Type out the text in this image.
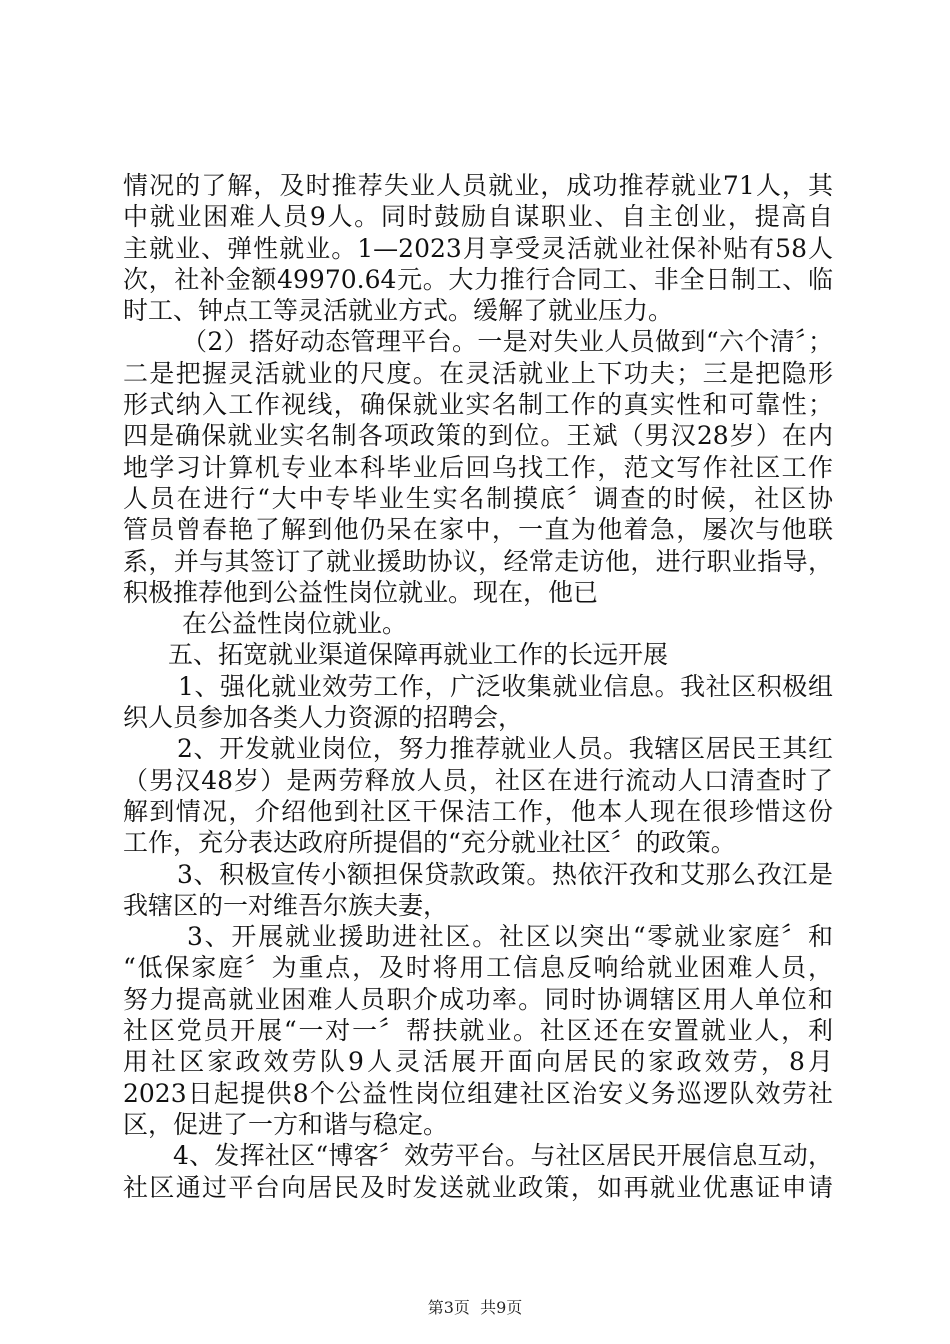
情况的了解，及时推荐失业人员就业，成功推荐就业71人，其
中就业困难人员9人。同时鼓励自谋职业、自主创业，提高自
主就业、弹性就业。1—2023月享受灵活就业社保补贴有58人
次，社补金额49970.64元。大力推行合同工、非全日制工、临
时工、钟点工等灵活就业方式。缓解了就业压力。
（2）搭好动态管理平台。一是对失业人员做到“六个清〞；
二是把握灵活就业的尺度。在灵活就业上下功夫；三是把隐形
形式纳入工作视线，确保就业实名制工作的真实性和可靠性；
四是确保就业实名制各项政策的到位。王斌（男汉28岁）在内
地学习计算机专业本科毕业后回乌找工作，范文写作社区工作
人员在进行“大中专毕业生实名制摸底〞调查的时候，社区协
管员曾春艳了解到他仍呆在家中，一直为他着急，屡次与他联
系，并与其签订了就业援助协议，经常走访他，进行职业指导，
积极推荐他到公益性岗位就业。现在，他已
在公益性岗位就业。
五、拓宽就业渠道保障再就业工作的长远开展
1、强化就业效劳工作，广泛收集就业信息。我社区积极组
织人员参加各类人力资源的招聘会，
2、开发就业岗位，努力推荐就业人员。我辖区居民王其红
（男汉48岁）是两劳释放人员，社区在进行流动人口清查时了
解到情况，介绍他到社区干保洁工作，他本人现在很珍惜这份
工作，充分表达政府所提倡的“充分就业社区〞的政策。
3、积极宣传小额担保贷款政策。热依汗孜和艾那么孜江是
我辖区的一对维吾尔族夫妻，
3、开展就业援助进社区。社区以突出“零就业家庭〞和
“低保家庭〞为重点，及时将用工信息反响给就业困难人员，
努力提高就业困难人员职介成功率。同时协调辖区用人单位和
社区党员开展“一对一〞帮扶就业。社区还在安置就业人，利
用社区家政效劳队9人灵活展开面向居民的家政效劳，8月
2023日起提供8个公益性岗位组建社区治安义务巡逻队效劳社
区，促进了一方和谐与稳定。
4、发挥社区“博客〞效劳平台。与社区居民开展信息互动，
社区通过平台向居民及时发送就业政策，如再就业优惠证申请
第3页 共9页
